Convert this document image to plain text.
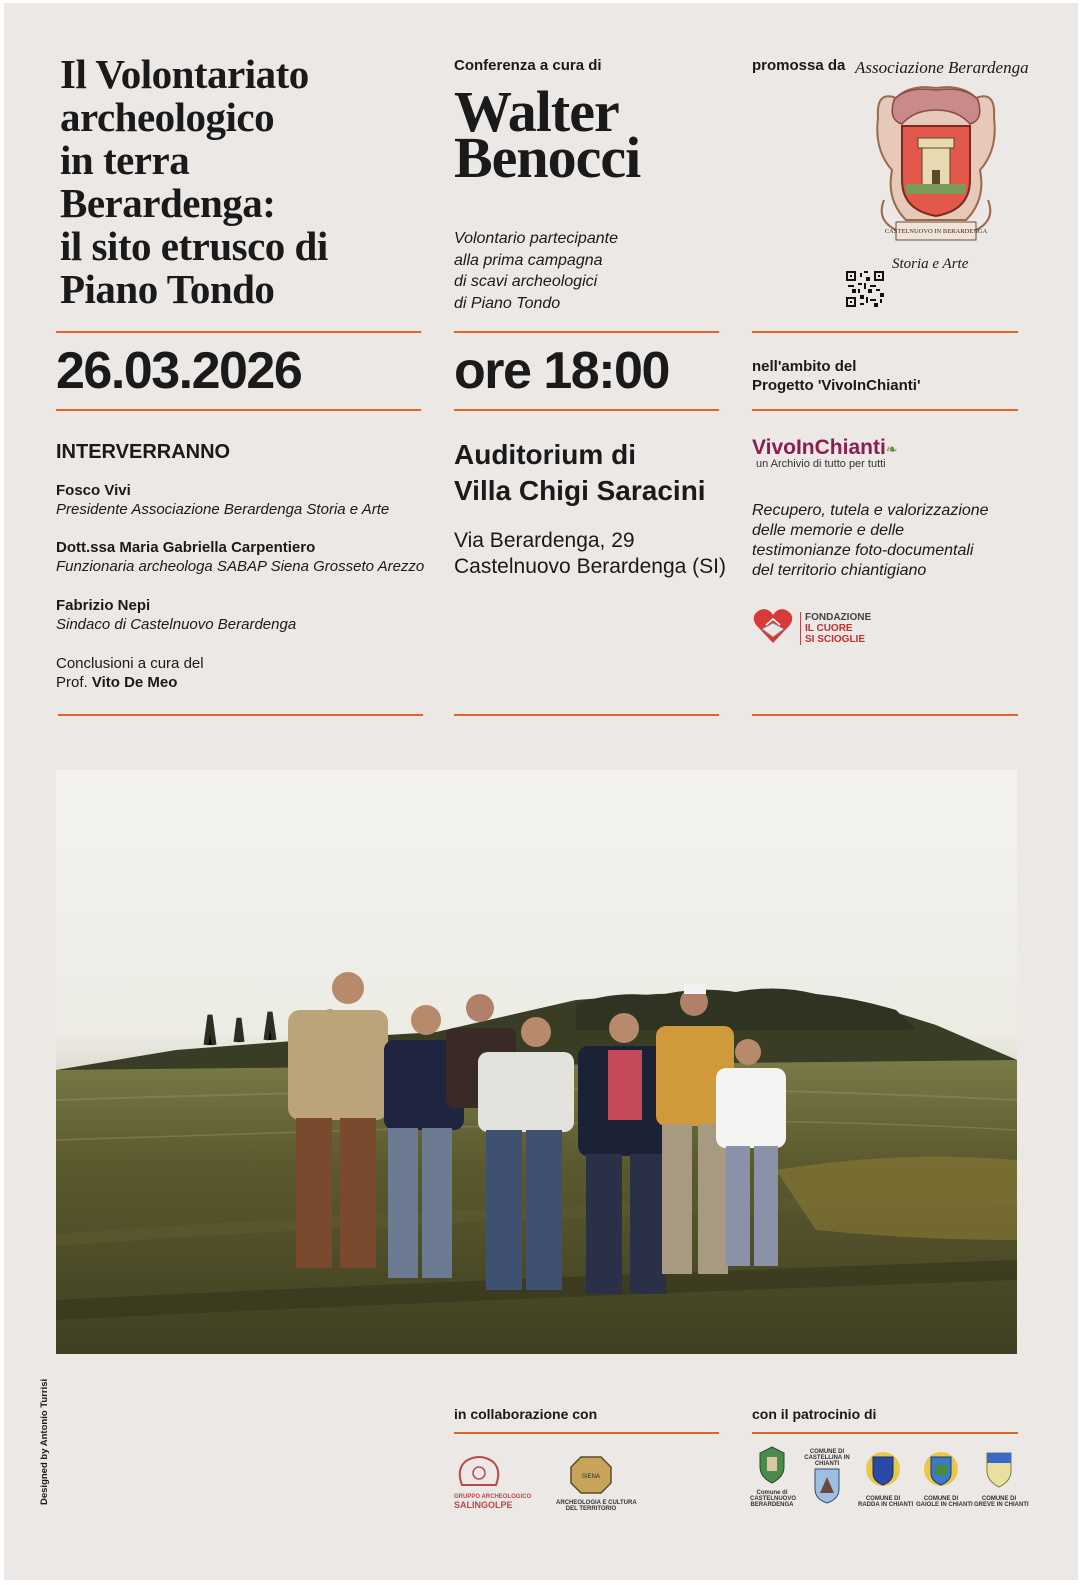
Il Volontariato
archeologico
in terra
Berardenga:
il sito etrusco di
Piano Tondo
Conferenza a cura di
Walter
Benocci
Volontario partecipante
alla prima campagna
di scavi archeologici
di Piano Tondo
promossa da Associazione Berardenga
CASTELNUOVO IN BERARDENGA
Storia e Arte
26.03.2026	ore 18:00	nell'ambito del
Progetto 'VivoInChianti'
INTERVERRANNO
Fosco Vivi
Presidente Associazione Berardenga Storia e Arte
Dott.ssa Maria Gabriella Carpentiero
Funzionaria archeologa SABAP Siena Grosseto Arezzo
Fabrizio Nepi
Sindaco di Castelnuovo Berardenga
Conclusioni a cura del
Prof. Vito De Meo
Auditorium di
Villa Chigi Saracini
Via Berardenga, 29
Castelnuovo Berardenga (SI)
VivoInChianti❧
un Archivio di tutto per tutti
Recupero, tutela e valorizzazione
delle memorie e delle
testimonianze foto-documentali
del territorio chiantigiano
FONDAZIONE
IL CUORE
SI SCIOGLIE
Designed by Antonio Turrisi	in collaborazione con
GRUPPO ARCHEOLOGICO
SALINGOLPE
SIENA
ARCHEOLOGIA E CULTURA
DEL TERRITORIO
con il patrocinio di
Comune di
CASTELNUOVO
BERARDENGA
COMUNE DI
CASTELLINA IN
CHIANTI
COMUNE DI
RADDA IN CHIANTI
COMUNE DI
GAIOLE IN CHIANTI
COMUNE DI
GREVE IN CHIANTI
